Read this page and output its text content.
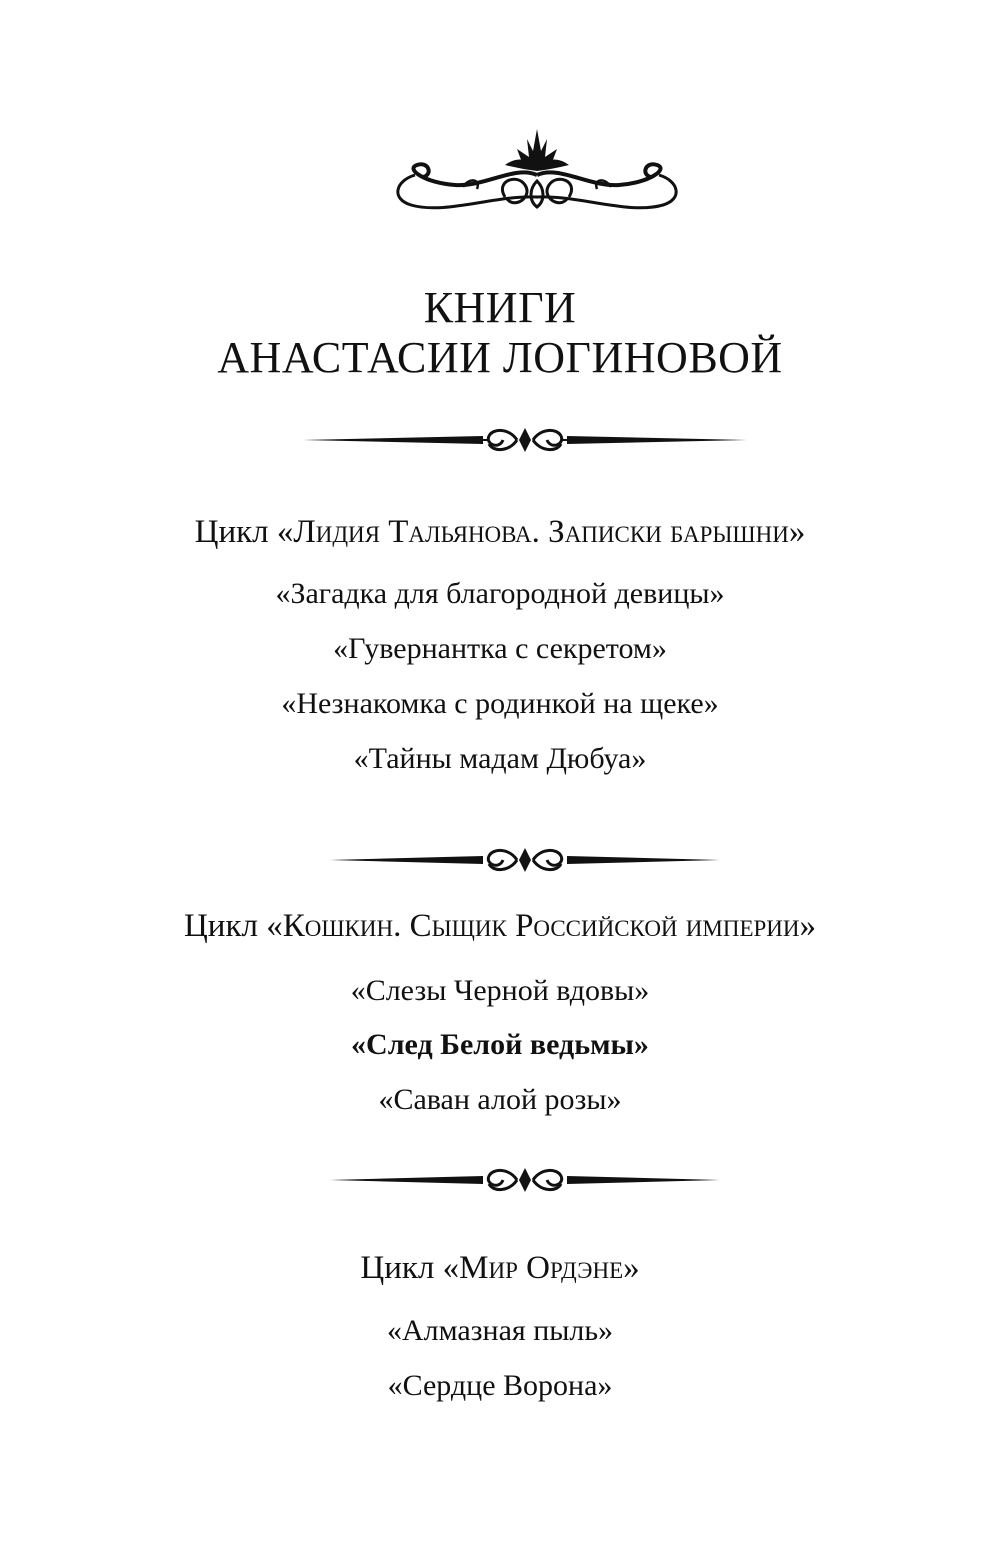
КНИГИ
АНАСТАСИИ ЛОГИНОВОЙ
Цикл «Лидия Тальянова. Записки барышни»
«Загадка для благородной девицы»
«Гувернантка с секретом»
«Незнакомка с родинкой на щеке»
«Тайны мадам Дюбуа»
Цикл «Кошкин. Сыщик Российской империи»
«Слезы Черной вдовы»
«След Белой ведьмы»
«Саван алой розы»
Цикл «Мир Ордэне»
«Алмазная пыль»
«Сердце Ворона»
